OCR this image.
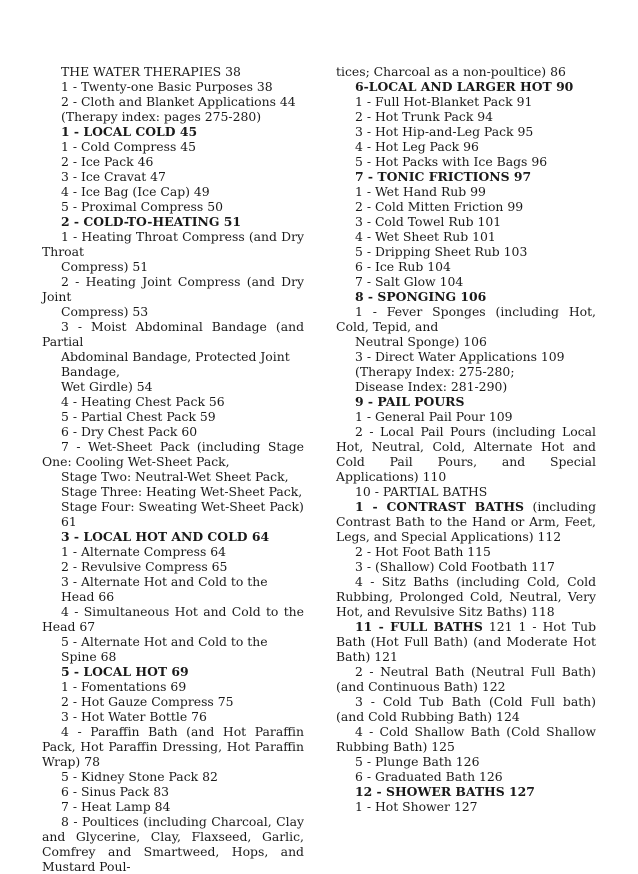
THE WATER THERAPIES 38
1 - Twenty-one Basic Purposes 38
2 - Cloth and Blanket Applications 44
(Therapy index: pages 275-280)
1 - LOCAL COLD 45
1 - Cold Compress 45
2 - Ice Pack 46
3 - Ice Cravat 47
4 - Ice Bag (Ice Cap) 49
5 - Proximal Compress 50
2 - COLD-TO-HEATING 51
1 - Heating Throat Compress (and Dry Throat
Compress) 51
2 - Heating Joint Compress (and Dry Joint
Compress) 53
3 - Moist Abdominal Bandage (and Partial
Abdominal Bandage, Protected Joint Bandage,
Wet Girdle) 54
4 - Heating Chest Pack 56
5 - Partial Chest Pack 59
6 - Dry Chest Pack 60
7 - Wet-Sheet Pack (including Stage One: Cooling Wet-Sheet Pack,
Stage Two: Neutral-Wet Sheet Pack,
Stage Three: Heating Wet-Sheet Pack,
Stage Four: Sweating Wet-Sheet Pack) 61
3 - LOCAL HOT AND COLD 64
1 - Alternate Compress 64
2 - Revulsive Compress 65
3 - Alternate Hot and Cold to the Head 66
4 - Simultaneous Hot and Cold to the Head 67
5 - Alternate Hot and Cold to the Spine 68
5 - LOCAL HOT 69
1 - Fomentations 69
2 - Hot Gauze Compress 75
3 - Hot Water Bottle 76
4 - Paraffin Bath (and Hot Paraffin Pack, Hot Paraffin Dressing, Hot Paraffin Wrap) 78
5 - Kidney Stone Pack 82
6 - Sinus Pack 83
7 - Heat Lamp 84
8 - Poultices (including Charcoal, Clay and Glycerine, Clay, Flaxseed, Garlic, Comfrey and Smartweed, Hops, and Mustard Poul-
tices; Charcoal as a non-poultice) 86
6-LOCAL AND LARGER HOT 90
1 - Full Hot-Blanket Pack 91
2 - Hot Trunk Pack 94
3 - Hot Hip-and-Leg Pack 95
4 - Hot Leg Pack 96
5 - Hot Packs with Ice Bags 96
7 - TONIC FRICTIONS 97
1 - Wet Hand Rub 99
2 - Cold Mitten Friction 99
3 - Cold Towel Rub 101
4 - Wet Sheet Rub 101
5 - Dripping Sheet Rub 103
6 - Ice Rub 104
7 - Salt Glow 104
8 - SPONGING 106
1 - Fever Sponges (including Hot, Cold, Tepid, and
Neutral Sponge) 106
3 - Direct Water Applications 109
(Therapy Index: 275-280;
Disease Index: 281-290)
9 - PAIL POURS
1 - General Pail Pour 109
2 - Local Pail Pours (including Local Hot, Neutral, Cold, Alternate Hot and Cold Pail Pours, and Special Applications) 110
10 - PARTIAL BATHS
1 - CONTRAST BATHS (including Contrast Bath to the Hand or Arm, Feet, Legs, and Special Applications) 112
2 - Hot Foot Bath 115
3 - (Shallow) Cold Footbath 117
4 - Sitz Baths (including Cold, Cold Rubbing, Prolonged Cold, Neutral, Very Hot, and Revulsive Sitz Baths) 118
11 - FULL BATHS 121 1 - Hot Tub Bath (Hot Full Bath) (and Moderate Hot Bath) 121
2 - Neutral Bath (Neutral Full Bath) (and Continuous Bath) 122
3 - Cold Tub Bath (Cold Full bath) (and Cold Rubbing Bath) 124
4 - Cold Shallow Bath (Cold Shallow Rubbing Bath) 125
5 - Plunge Bath 126
6 - Graduated Bath 126
12 - SHOWER BATHS 127
1 - Hot Shower 127
